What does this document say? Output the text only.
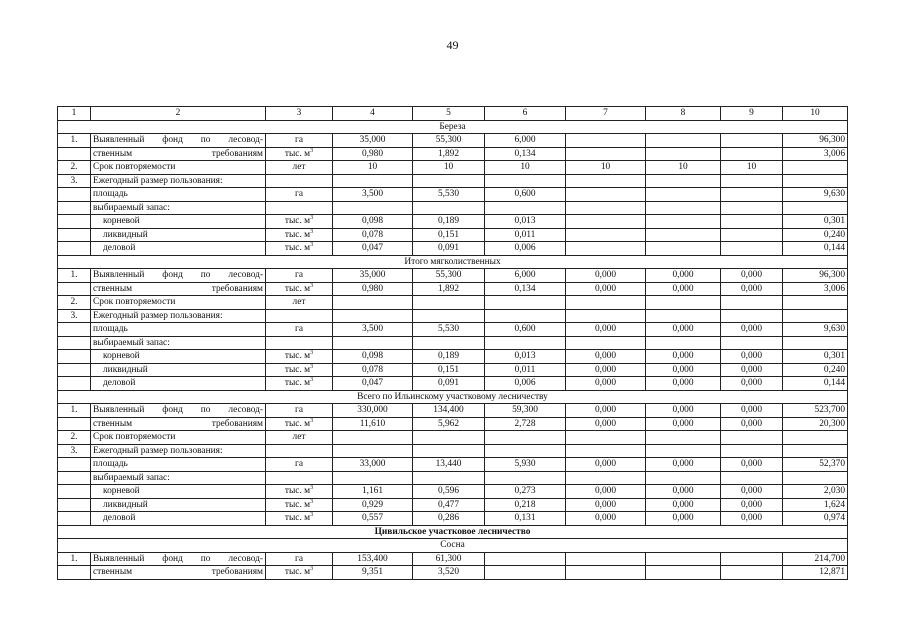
49
1	2	3	4	5	6	7	8	9	10
Береза									
1.	Выявленный фонд по лесовод-	га	35,000	55,300	6,000				96,300
	ственным требованиям	тыс. $м^3$	0,980	1,892	0,134				3,006
2.	Срок повторяемости	лет	10	10	10	10	10	10	
3.	Ежегодный размер пользования:								
	площадь	га	3,500	5,530	0,600				9,630
	выбираемый запас:								
	корневой	тыс. $м^3$	0,098	0,189	0,013				0,301
	ликвидный	тыс. $м^3$	0,078	0,151	0,011				0,240
	деловой	тыс. $м^3$	0,047	0,091	0,006				0,144
Итого мягколиственных									
1.	Выявленный фонд по лесовод-	га	35,000	55,300	6,000	0,000	0,000	0,000	96,300
	ственным требованиям	тыс. $м^3$	0,980	1,892	0,134	0,000	0,000	0,000	3,006
2.	Срок повторяемости	лет							
3.	Ежегодный размер пользования:								
	площадь	га	3,500	5,530	0,600	0,000	0,000	0,000	9,630
	выбираемый запас:								
	корневой	тыс. $м^3$	0,098	0,189	0,013	0,000	0,000	0,000	0,301
	ликвидный	тыс. $м^3$	0,078	0,151	0,011	0,000	0,000	0,000	0,240
	деловой	тыс. $м^3$	0,047	0,091	0,006	0,000	0,000	0,000	0,144
Всего по Ильинскому участковому лесничеству									
1.	Выявленный фонд по лесовод-	га	330,000	134,400	59,300	0,000	0,000	0,000	523,700
	ственным требованиям	тыс. $м^3$	11,610	5,962	2,728	0,000	0,000	0,000	20,300
2.	Срок повторяемости	лет							
3.	Ежегодный размер пользования:								
	площадь	га	33,000	13,440	5,930	0,000	0,000	0,000	52,370
	выбираемый запас:								
	корневой	тыс. $м^3$	1,161	0,596	0,273	0,000	0,000	0,000	2,030
	ликвидный	тыс. $м^3$	0,929	0,477	0,218	0,000	0,000	0,000	1,624
	деловой	тыс. $м^3$	0,557	0,286	0,131	0,000	0,000	0,000	0,974
Цивильское участковое лесничество									
Сосна									
1.	Выявленный фонд по лесовод-	га	153,400	61,300					214,700
	ственным требованиям	тыс. $м^3$	9,351	3,520					12,871
